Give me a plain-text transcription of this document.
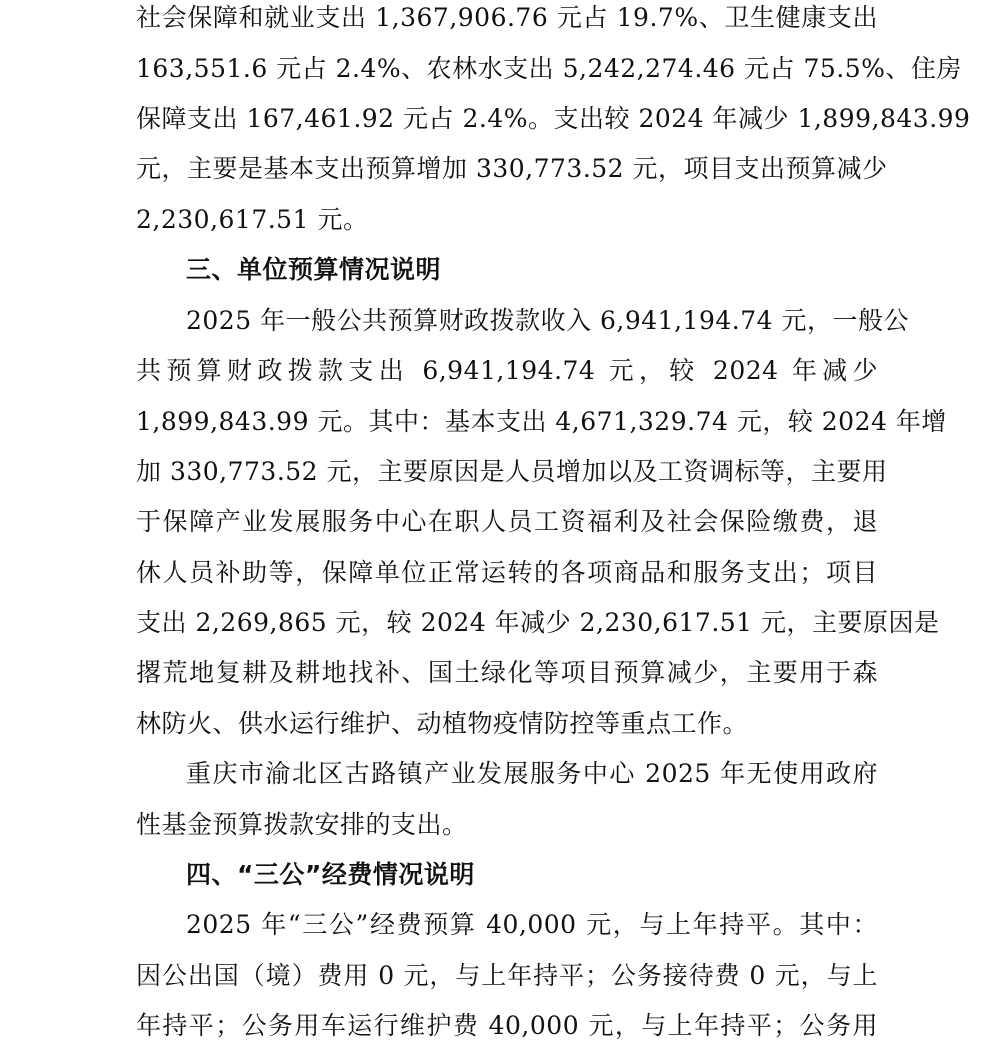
社会保障和就业支出 1,367,906.76 元占 19.7%、卫生健康支出
163,551.6 元占 2.4%、农林水支出 5,242,274.46 元占 75.5%、住房
保障支出 167,461.92 元占 2.4%。支出较 2024 年减少 1,899,843.99
元，主要是基本支出预算增加 330,773.52 元，项目支出预算减少
2,230,617.51 元。
三、单位预算情况说明
2025 年一般公共预算财政拨款收入 6,941,194.74 元，一般公
共预算财政拨款支出 6,941,194.74 元，较 2024 年减少
1,899,843.99 元。其中：基本支出 4,671,329.74 元，较 2024 年增
加 330,773.52 元，主要原因是人员增加以及工资调标等，主要用
于保障产业发展服务中心在职人员工资福利及社会保险缴费，退
休人员补助等，保障单位正常运转的各项商品和服务支出；项目
支出 2,269,865 元，较 2024 年减少 2,230,617.51 元，主要原因是
撂荒地复耕及耕地找补、国土绿化等项目预算减少，主要用于森
林防火、供水运行维护、动植物疫情防控等重点工作。
重庆市渝北区古路镇产业发展服务中心 2025 年无使用政府
性基金预算拨款安排的支出。
四、“三公”经费情况说明
2025 年“三公”经费预算 40,000 元，与上年持平。其中：
因公出国（境）费用 0 元，与上年持平；公务接待费 0 元，与上
年持平；公务用车运行维护费 40,000 元，与上年持平；公务用
